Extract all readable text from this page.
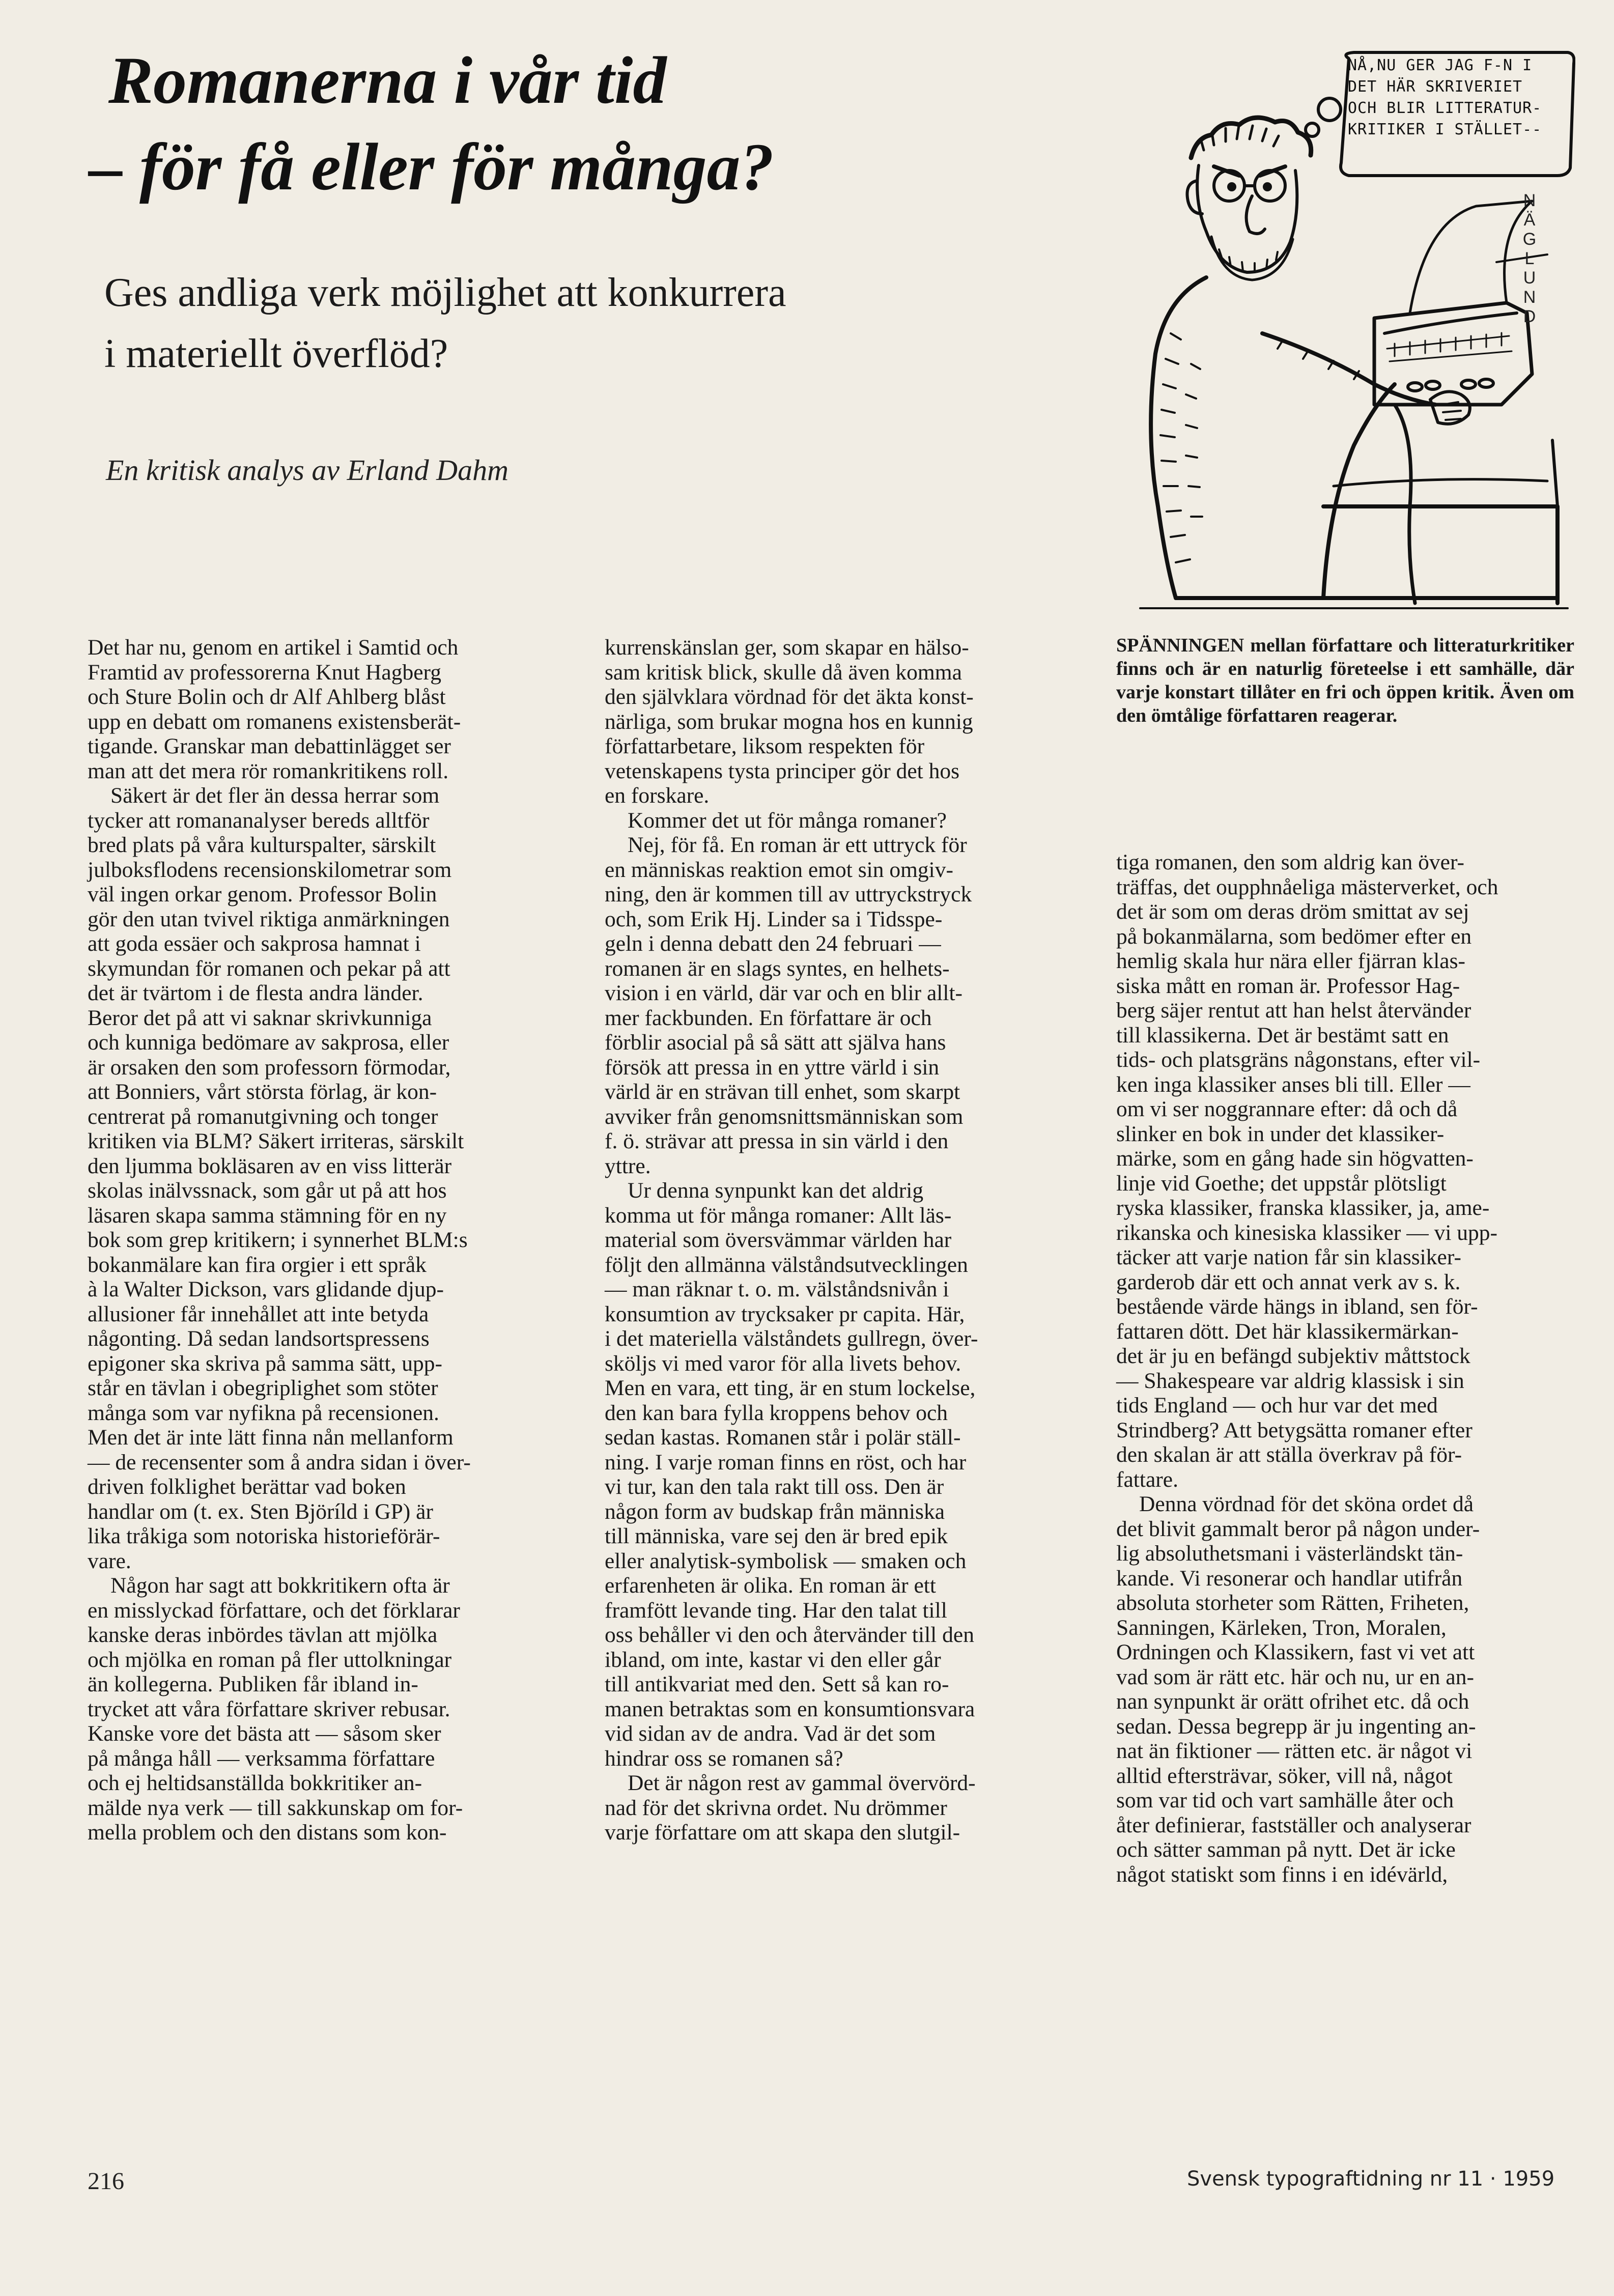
Romanerna i vår tid
– för få eller för många?
Ges andliga verk möjlighet att konkurrera
i materiellt överflöd?

En kritisk analys av Erland Dahm

NÅ,NU GER JAG F-N I
DET HÄR SKRIVERIET
OCH BLIR LITTERATUR-
KRITIKER I STÄLLET--
N
Ä
G
L
U
N
D

SPÄNNINGEN mellan författare och litteraturkritiker finns och är en naturlig företeelse i ett samhälle, där varje konstart tillåter en fri och öppen kritik. Även om den ömtålige författaren reagerar.

Det har nu, genom en artikel i Samtid och
Framtid av professorerna Knut Hagberg
och Sture Bolin och dr Alf Ahlberg blåst
upp en debatt om romanens existensberät-
tigande. Granskar man debattinlägget ser
man att det mera rör romankritikens roll.
Säkert är det fler än dessa herrar som
tycker att romananalyser bereds alltför
bred plats på våra kulturspalter, särskilt
julboksflodens recensionskilometrar som
väl ingen orkar genom. Professor Bolin
gör den utan tvivel riktiga anmärkningen
att goda essäer och sakprosa hamnat i
skymundan för romanen och pekar på att
det är tvärtom i de flesta andra länder.
Beror det på att vi saknar skrivkunniga
och kunniga bedömare av sakprosa, eller
är orsaken den som professorn förmodar,
att Bonniers, vårt största förlag, är kon-
centrerat på romanutgivning och tonger
kritiken via BLM? Säkert irriteras, särskilt
den ljumma bokläsaren av en viss litterär
skolas inälvssnack, som går ut på att hos
läsaren skapa samma stämning för en ny
bok som grep kritikern; i synnerhet BLM:s
bokanmälare kan fira orgier i ett språk
à la Walter Dickson, vars glidande djup-
allusioner får innehållet att inte betyda
någonting. Då sedan landsortspressens
epigoner ska skriva på samma sätt, upp-
står en tävlan i obegriplighet som stöter
många som var nyfikna på recensionen.
Men det är inte lätt finna nån mellanform
— de recensenter som å andra sidan i över-
driven folklighet berättar vad boken
handlar om (t. ex. Sten Björíld i GP) är
lika tråkiga som notoriska historieförär-
vare.
Någon har sagt att bokkritikern ofta är
en misslyckad författare, och det förklarar
kanske deras inbördes tävlan att mjölka
och mjölka en roman på fler uttolkningar
än kollegerna. Publiken får ibland in-
trycket att våra författare skriver rebusar.
Kanske vore det bästa att — såsom sker
på många håll — verksamma författare
och ej heltidsanställda bokkritiker an-
mälde nya verk — till sakkunskap om for-
mella problem och den distans som kon-
kurrenskänslan ger, som skapar en hälso-
sam kritisk blick, skulle då även komma
den självklara vördnad för det äkta konst-
närliga, som brukar mogna hos en kunnig
författarbetare, liksom respekten för
vetenskapens tysta principer gör det hos
en forskare.
Kommer det ut för många romaner?
Nej, för få. En roman är ett uttryck för
en människas reaktion emot sin omgiv-
ning, den är kommen till av uttryckstryck
och, som Erik Hj. Linder sa i Tidsspe-
geln i denna debatt den 24 februari —
romanen är en slags syntes, en helhets-
vision i en värld, där var och en blir allt-
mer fackbunden. En författare är och
förblir asocial på så sätt att själva hans
försök att pressa in en yttre värld i sin
värld är en strävan till enhet, som skarpt
avviker från genomsnittsmänniskan som
f. ö. strävar att pressa in sin värld i den
yttre.
Ur denna synpunkt kan det aldrig
komma ut för många romaner: Allt läs-
material som översvämmar världen har
följt den allmänna välståndsutvecklingen
— man räknar t. o. m. välståndsnivån i
konsumtion av trycksaker pr capita. Här,
i det materiella välståndets gullregn, över-
sköljs vi med varor för alla livets behov.
Men en vara, ett ting, är en stum lockelse,
den kan bara fylla kroppens behov och
sedan kastas. Romanen står i polär ställ-
ning. I varje roman finns en röst, och har
vi tur, kan den tala rakt till oss. Den är
någon form av budskap från människa
till människa, vare sej den är bred epik
eller analytisk-symbolisk — smaken och
erfarenheten är olika. En roman är ett
framfött levande ting. Har den talat till
oss behåller vi den och återvänder till den
ibland, om inte, kastar vi den eller går
till antikvariat med den. Sett så kan ro-
manen betraktas som en konsumtionsvara
vid sidan av de andra. Vad är det som
hindrar oss se romanen så?
Det är någon rest av gammal övervörd-
nad för det skrivna ordet. Nu drömmer
varje författare om att skapa den slutgil-
tiga romanen, den som aldrig kan över-
träffas, det oupphnåeliga mästerverket, och
det är som om deras dröm smittat av sej
på bokanmälarna, som bedömer efter en
hemlig skala hur nära eller fjärran klas-
siska mått en roman är. Professor Hag-
berg säjer rentut att han helst återvänder
till klassikerna. Det är bestämt satt en
tids- och platsgräns någonstans, efter vil-
ken inga klassiker anses bli till. Eller —
om vi ser noggrannare efter: då och då
slinker en bok in under det klassiker-
märke, som en gång hade sin högvatten-
linje vid Goethe; det uppstår plötsligt
ryska klassiker, franska klassiker, ja, ame-
rikanska och kinesiska klassiker — vi upp-
täcker att varje nation får sin klassiker-
garderob där ett och annat verk av s. k.
bestående värde hängs in ibland, sen för-
fattaren dött. Det här klassikermärkan-
det är ju en befängd subjektiv måttstock
— Shakespeare var aldrig klassisk i sin
tids England — och hur var det med
Strindberg? Att betygsätta romaner efter
den skalan är att ställa överkrav på för-
fattare.
Denna vördnad för det sköna ordet då
det blivit gammalt beror på någon under-
lig absoluthetsmani i västerländskt tän-
kande. Vi resonerar och handlar utifrån
absoluta storheter som Rätten, Friheten,
Sanningen, Kärleken, Tron, Moralen,
Ordningen och Klassikern, fast vi vet att
vad som är rätt etc. här och nu, ur en an-
nan synpunkt är orätt ofrihet etc. då och
sedan. Dessa begrepp är ju ingenting an-
nat än fiktioner — rätten etc. är något vi
alltid eftersträvar, söker, vill nå, något
som var tid och vart samhälle åter och
åter definierar, fastställer och analyserar
och sätter samman på nytt. Det är icke
något statiskt som finns i en idévärld,

216	Svensk typograftidning nr 11 · 1959
